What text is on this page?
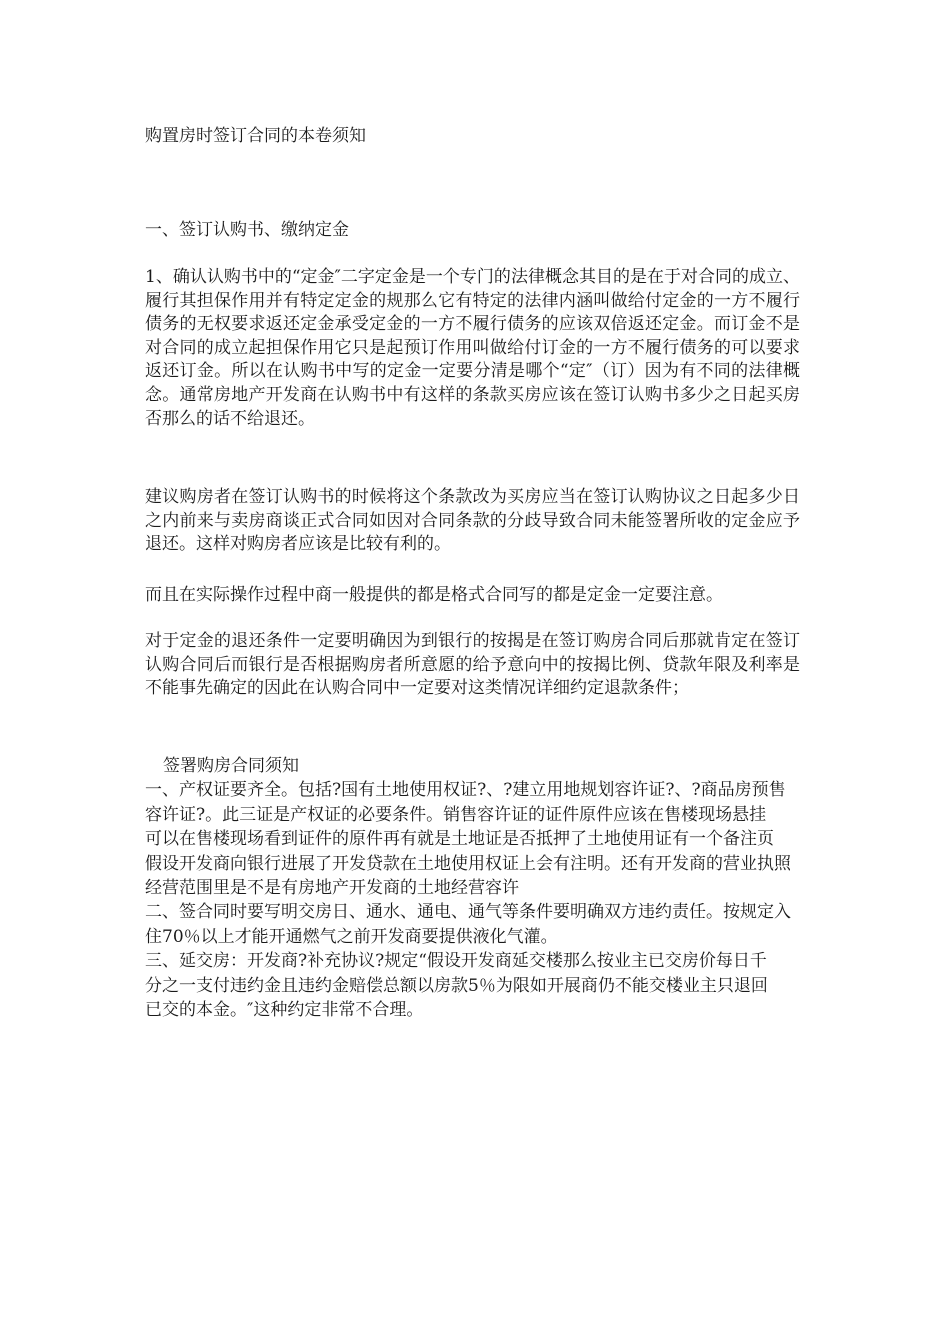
购置房时签订合同的本卷须知
一、签订认购书、缴纳定金

1、确认认购书中的“定金″二字定金是一个专门的法律概念其目的是在于对合同的成立、履行其担保作用并有特定定金的规那么它有特定的法律内涵叫做给付定金的一方不履行债务的无权要求返还定金承受定金的一方不履行债务的应该双倍返还定金。而订金不是对合同的成立起担保作用它只是起预订作用叫做给付订金的一方不履行债务的可以要求返还订金。所以在认购书中写的定金一定要分清是哪个“定″（订）因为有不同的法律概念。通常房地产开发商在认购书中有这样的条款买房应该在签订认购书多少之日起买房否那么的话不给退还。

建议购房者在签订认购书的时候将这个条款改为买房应当在签订认购协议之日起多少日之内前来与卖房商谈正式合同如因对合同条款的分歧导致合同未能签署所收的定金应予退还。这样对购房者应该是比较有利的。

而且在实际操作过程中商一般提供的都是格式合同写的都是定金一定要注意。

对于定金的退还条件一定要明确因为到银行的按揭是在签订购房合同后那就肯定在签订认购合同后而银行是否根据购房者所意愿的给予意向中的按揭比例、贷款年限及利率是不能事先确定的因此在认购合同中一定要对这类情况详细约定退款条件；

签署购房合同须知
一、产权证要齐全。包括?国有土地使用权证?、?建立用地规划容许证?、?商品房预售
容许证?。此三证是产权证的必要条件。销售容许证的证件原件应该在售楼现场悬挂
可以在售楼现场看到证件的原件再有就是土地证是否抵押了土地使用证有一个备注页
假设开发商向银行进展了开发贷款在土地使用权证上会有注明。还有开发商的营业执照
经营范围里是不是有房地产开发商的土地经营容许
二、签合同时要写明交房日、通水、通电、通气等条件要明确双方违约责任。按规定入
住70％以上才能开通燃气之前开发商要提供液化气灌。
三、延交房：开发商?补充协议?规定“假设开发商延交楼那么按业主已交房价每日千
分之一支付违约金且违约金赔偿总额以房款5％为限如开展商仍不能交楼业主只退回
已交的本金。″这种约定非常不合理。
